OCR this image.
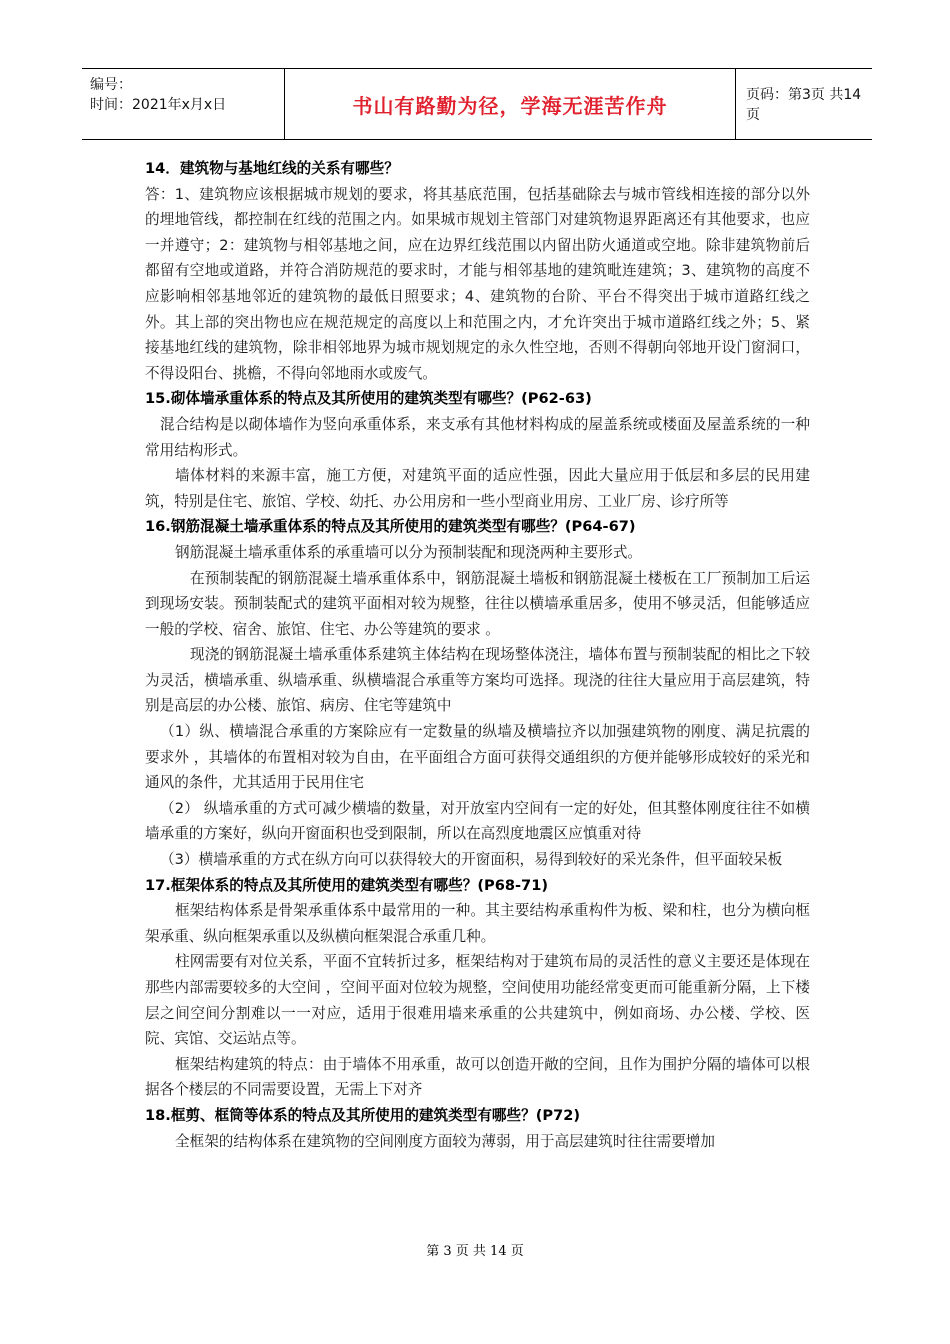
编号：
时间：2021年x月x日	书山有路勤为径，学海无涯苦作舟	页码：第3页 共14页

14．建筑物与基地红线的关系有哪些？

答：1、建筑物应该根据城市规划的要求，将其基底范围，包括基础除去与城市管线相连接的部分以外的埋地管线，都控制在红线的范围之内。如果城市规划主管部门对建筑物退界距离还有其他要求，也应一并遵守；2：建筑物与相邻基地之间，应在边界红线范围以内留出防火通道或空地。除非建筑物前后都留有空地或道路，并符合消防规范的要求时，才能与相邻基地的建筑毗连建筑；3、建筑物的高度不应影响相邻基地邻近的建筑物的最低日照要求；4、建筑物的台阶、平台不得突出于城市道路红线之外。其上部的突出物也应在规范规定的高度以上和范围之内，才允许突出于城市道路红线之外；5、紧接基地红线的建筑物，除非相邻地界为城市规划规定的永久性空地，否则不得朝向邻地开设门窗洞口，不得设阳台、挑檐，不得向邻地雨水或废气。

15.砌体墙承重体系的特点及其所使用的建筑类型有哪些？(P62-63)

混合结构是以砌体墙作为竖向承重体系，来支承有其他材料构成的屋盖系统或楼面及屋盖系统的一种常用结构形式。

墙体材料的来源丰富，施工方便，对建筑平面的适应性强，因此大量应用于低层和多层的民用建筑，特别是住宅、旅馆、学校、幼托、办公用房和一些小型商业用房、工业厂房、诊疗所等

16.钢筋混凝土墙承重体系的特点及其所使用的建筑类型有哪些？(P64-67)

钢筋混凝土墙承重体系的承重墙可以分为预制装配和现浇两种主要形式。

在预制装配的钢筋混凝土墙承重体系中，钢筋混凝土墙板和钢筋混凝土楼板在工厂预制加工后运到现场安装。预制装配式的建筑平面相对较为规整，往往以横墙承重居多，使用不够灵活，但能够适应一般的学校、宿舍、旅馆、住宅、办公等建筑的要求 。

现浇的钢筋混凝土墙承重体系建筑主体结构在现场整体浇注，墙体布置与预制装配的相比之下较为灵活，横墙承重、纵墙承重、纵横墙混合承重等方案均可选择。现浇的往往大量应用于高层建筑，特别是高层的办公楼、旅馆、病房、住宅等建筑中

（1）纵、横墙混合承重的方案除应有一定数量的纵墙及横墙拉齐以加强建筑物的刚度、满足抗震的要求外 ，其墙体的布置相对较为自由，在平面组合方面可获得交通组织的方便并能够形成较好的采光和通风的条件，尤其适用于民用住宅

（2） 纵墙承重的方式可减少横墙的数量，对开放室内空间有一定的好处，但其整体刚度往往不如横墙承重的方案好，纵向开窗面积也受到限制，所以在高烈度地震区应慎重对待

（3）横墙承重的方式在纵方向可以获得较大的开窗面积，易得到较好的采光条件，但平面较呆板

17.框架体系的特点及其所使用的建筑类型有哪些？(P68-71)

框架结构体系是骨架承重体系中最常用的一种。其主要结构承重构件为板、梁和柱，也分为横向框架承重、纵向框架承重以及纵横向框架混合承重几种。

柱网需要有对位关系，平面不宜转折过多，框架结构对于建筑布局的灵活性的意义主要还是体现在那些内部需要较多的大空间 ，空间平面对位较为规整，空间使用功能经常变更而可能重新分隔，上下楼层之间空间分割难以一一对应，适用于很难用墙来承重的公共建筑中，例如商场、办公楼、学校、医院、宾馆、交运站点等。

框架结构建筑的特点：由于墙体不用承重，故可以创造开敞的空间，且作为围护分隔的墙体可以根据各个楼层的不同需要设置，无需上下对齐

18.框剪、框筒等体系的特点及其所使用的建筑类型有哪些？(P72)

全框架的结构体系在建筑物的空间刚度方面较为薄弱，用于高层建筑时往往需要增加

第 3 页 共 14 页
